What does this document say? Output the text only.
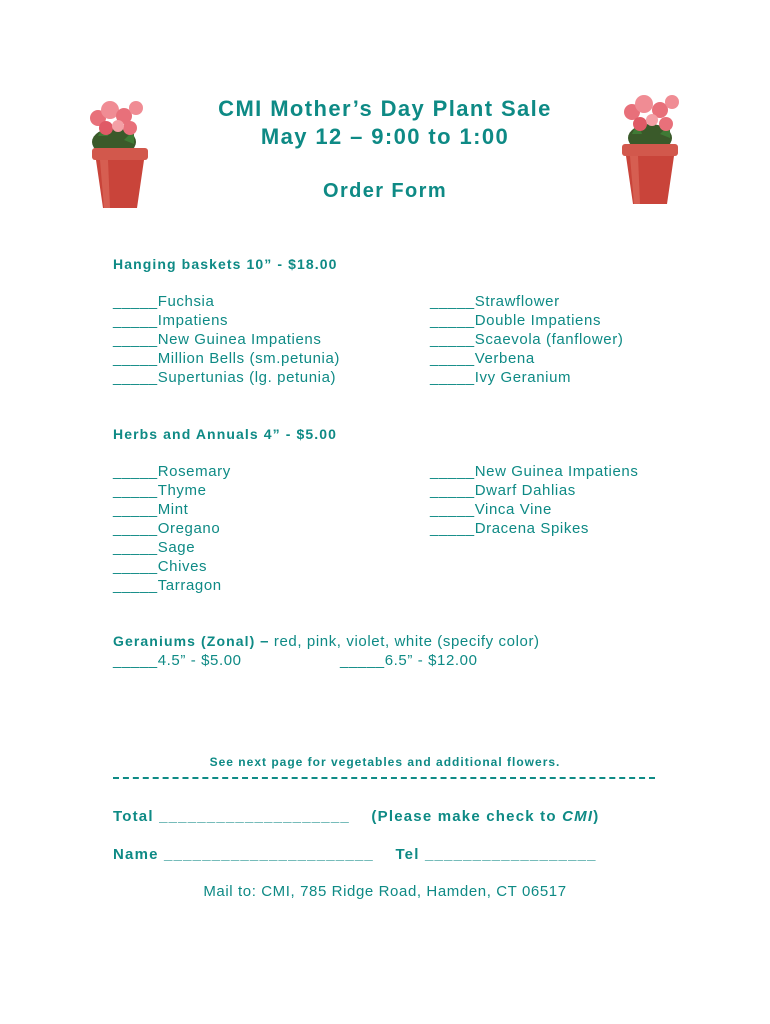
CMI Mother’s Day Plant Sale
May 12 – 9:00 to 1:00
Order Form
Hanging baskets 10” - $18.00
_____Fuchsia
_____Impatiens
_____New Guinea Impatiens
_____Million Bells (sm.petunia)
_____Supertunias (lg. petunia)
_____Strawflower
_____Double Impatiens
_____Scaevola (fanflower)
_____Verbena
_____Ivy Geranium
Herbs and Annuals 4” - $5.00
_____Rosemary
_____Thyme
_____Mint
_____Oregano
_____Sage
_____Chives
_____Tarragon
_____New Guinea Impatiens
_____Dwarf Dahlias
_____Vinca Vine
_____Dracena Spikes
Geraniums (Zonal) – red, pink, violet, white (specify color)
_____4.5” - $5.00	_____6.5” - $12.00
See next page for vegetables and additional flowers.
Total ____________________ (Please make check to CMI)
Name ______________________ Tel __________________
Mail to: CMI, 785 Ridge Road, Hamden, CT 06517
